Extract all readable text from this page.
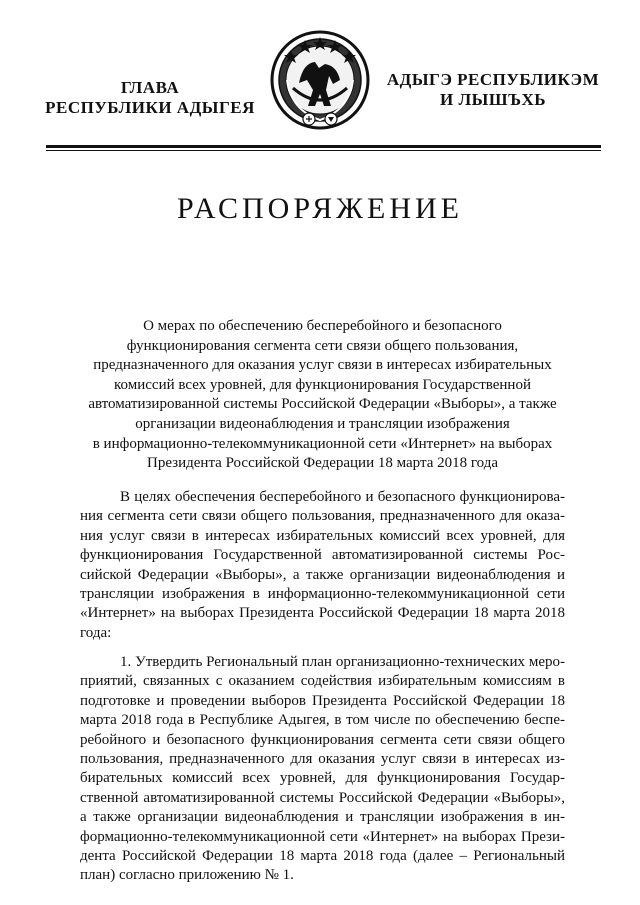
ГЛАВА
РЕСПУБЛИКИ АДЫГЕЯ
АДЫГЭ РЕСПУБЛИКЭМ
И ЛЫШЪХЬ
РАСПОРЯЖЕНИЕ
О мерах по обеспечению бесперебойного и безопасного
функционирования сегмента сети связи общего пользования,
предназначенного для оказания услуг связи в интересах избирательных
комиссий всех уровней, для функционирования Государственной
автоматизированной системы Российской Федерации «Выборы», а также
организации видеонаблюдения и трансляции изображения
в информационно-телекоммуникационной сети «Интернет» на выборах
Президента Российской Федерации 18 марта 2018 года
В целях обеспечения бесперебойного и безопасного функционирова-
ния сегмента сети связи общего пользования, предназначенного для оказа-
ния услуг связи в интересах избирательных комиссий всех уровней, для
функционирования Государственной автоматизированной системы Рос-
сийской Федерации «Выборы», а также организации видеонаблюдения и
трансляции изображения в информационно-телекоммуникационной сети
«Интернет» на выборах Президента Российской Федерации 18 марта 2018
года:
1. Утвердить Региональный план организационно-технических меро-
приятий, связанных с оказанием содействия избирательным комиссиям в
подготовке и проведении выборов Президента Российской Федерации 18
марта 2018 года в Республике Адыгея, в том числе по обеспечению беспе-
ребойного и безопасного функционирования сегмента сети связи общего
пользования, предназначенного для оказания услуг связи в интересах из-
бирательных комиссий всех уровней, для функционирования Государ-
ственной автоматизированной системы Российской Федерации «Выборы»,
а также организации видеонаблюдения и трансляции изображения в ин-
формационно-телекоммуникационной сети «Интернет» на выборах Прези-
дента Российской Федерации 18 марта 2018 года (далее – Региональный
план) согласно приложению № 1.
